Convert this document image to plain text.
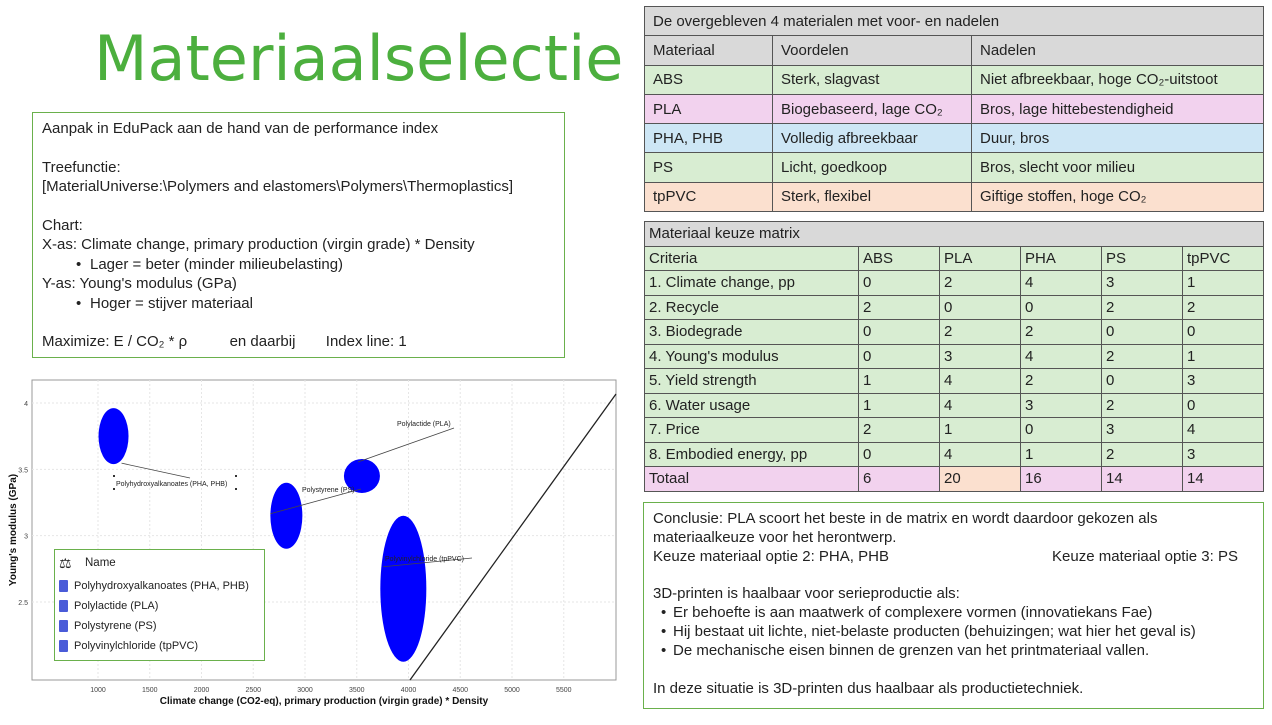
Materiaalselectie

Aanpak in EduPack aan de hand van de performance index

Treefunctie:

[MaterialUniverse:\Polymers and elastomers\Polymers\Thermoplastics]

Chart:

X-as: Climate change, primary production (virgin grade) * Density

• Lager = beter (minder milieubelasting)

Y-as: Young's modulus (GPa)

• Hoger = stijver materiaal

Maximize: E / CO₂ * ρ	en daarbij Index line: 1

Polyhydroxyalkanoates (PHA, PHB)
Polylactide (PLA)
Polystyrene (PS)
Polyvinylchloride (tpPVC)
1000	1500	2000	2500	3000	3500	4000	4500	5000	5500
4
3.5
3
2.5
Climate change (CO2-eq), primary production (virgin grade) * Density
Young's modulus (GPa)	⚖ Name
Polyhydroxyalkanoates (PHA, PHB)
Polylactide (PLA)
Polystyrene (PS)
Polyvinylchloride (tpPVC)
De overgebleven 4 materialen met voor- en nadelen		
Materiaal	Voordelen	Nadelen
ABS	Sterk, slagvast	Niet afbreekbaar, hoge CO₂-uitstoot
PLA	Biogebaseerd, lage CO₂	Bros, lage hittebestendigheid
PHA, PHB	Volledig afbreekbaar	Duur, bros
PS	Licht, goedkoop	Bros, slecht voor milieu
tpPVC	Sterk, flexibel	Giftige stoffen, hoge CO₂
Materiaal keuze matrix					
Criteria	ABS	PLA	PHA	PS	tpPVC
1. Climate change, pp	0	2	4	3	1
2. Recycle	2	0	0	2	2
3. Biodegrade	0	2	2	0	0
4. Young's modulus	0	3	4	2	1
5. Yield strength	1	4	2	0	3
6. Water usage	1	4	3	2	0
7. Price	2	1	0	3	4
8. Embodied energy, pp	0	4	1	2	3
Totaal	6	20	16	14	14

Conclusie: PLA scoort het beste in de matrix en wordt daardoor gekozen als materiaalkeuze voor het herontwerp.

Keuze materiaal optie 2: PHA, PHB	Keuze materiaal optie 3: PS

3D-printen is haalbaar voor serieproductie als:

• Er behoefte is aan maatwerk of complexere vormen (innovatiekans Fae)
• Hij bestaat uit lichte, niet-belaste producten (behuizingen; wat hier het geval is)
• De mechanische eisen binnen de grenzen van het printmateriaal vallen.

In deze situatie is 3D-printen dus haalbaar als productietechniek.
